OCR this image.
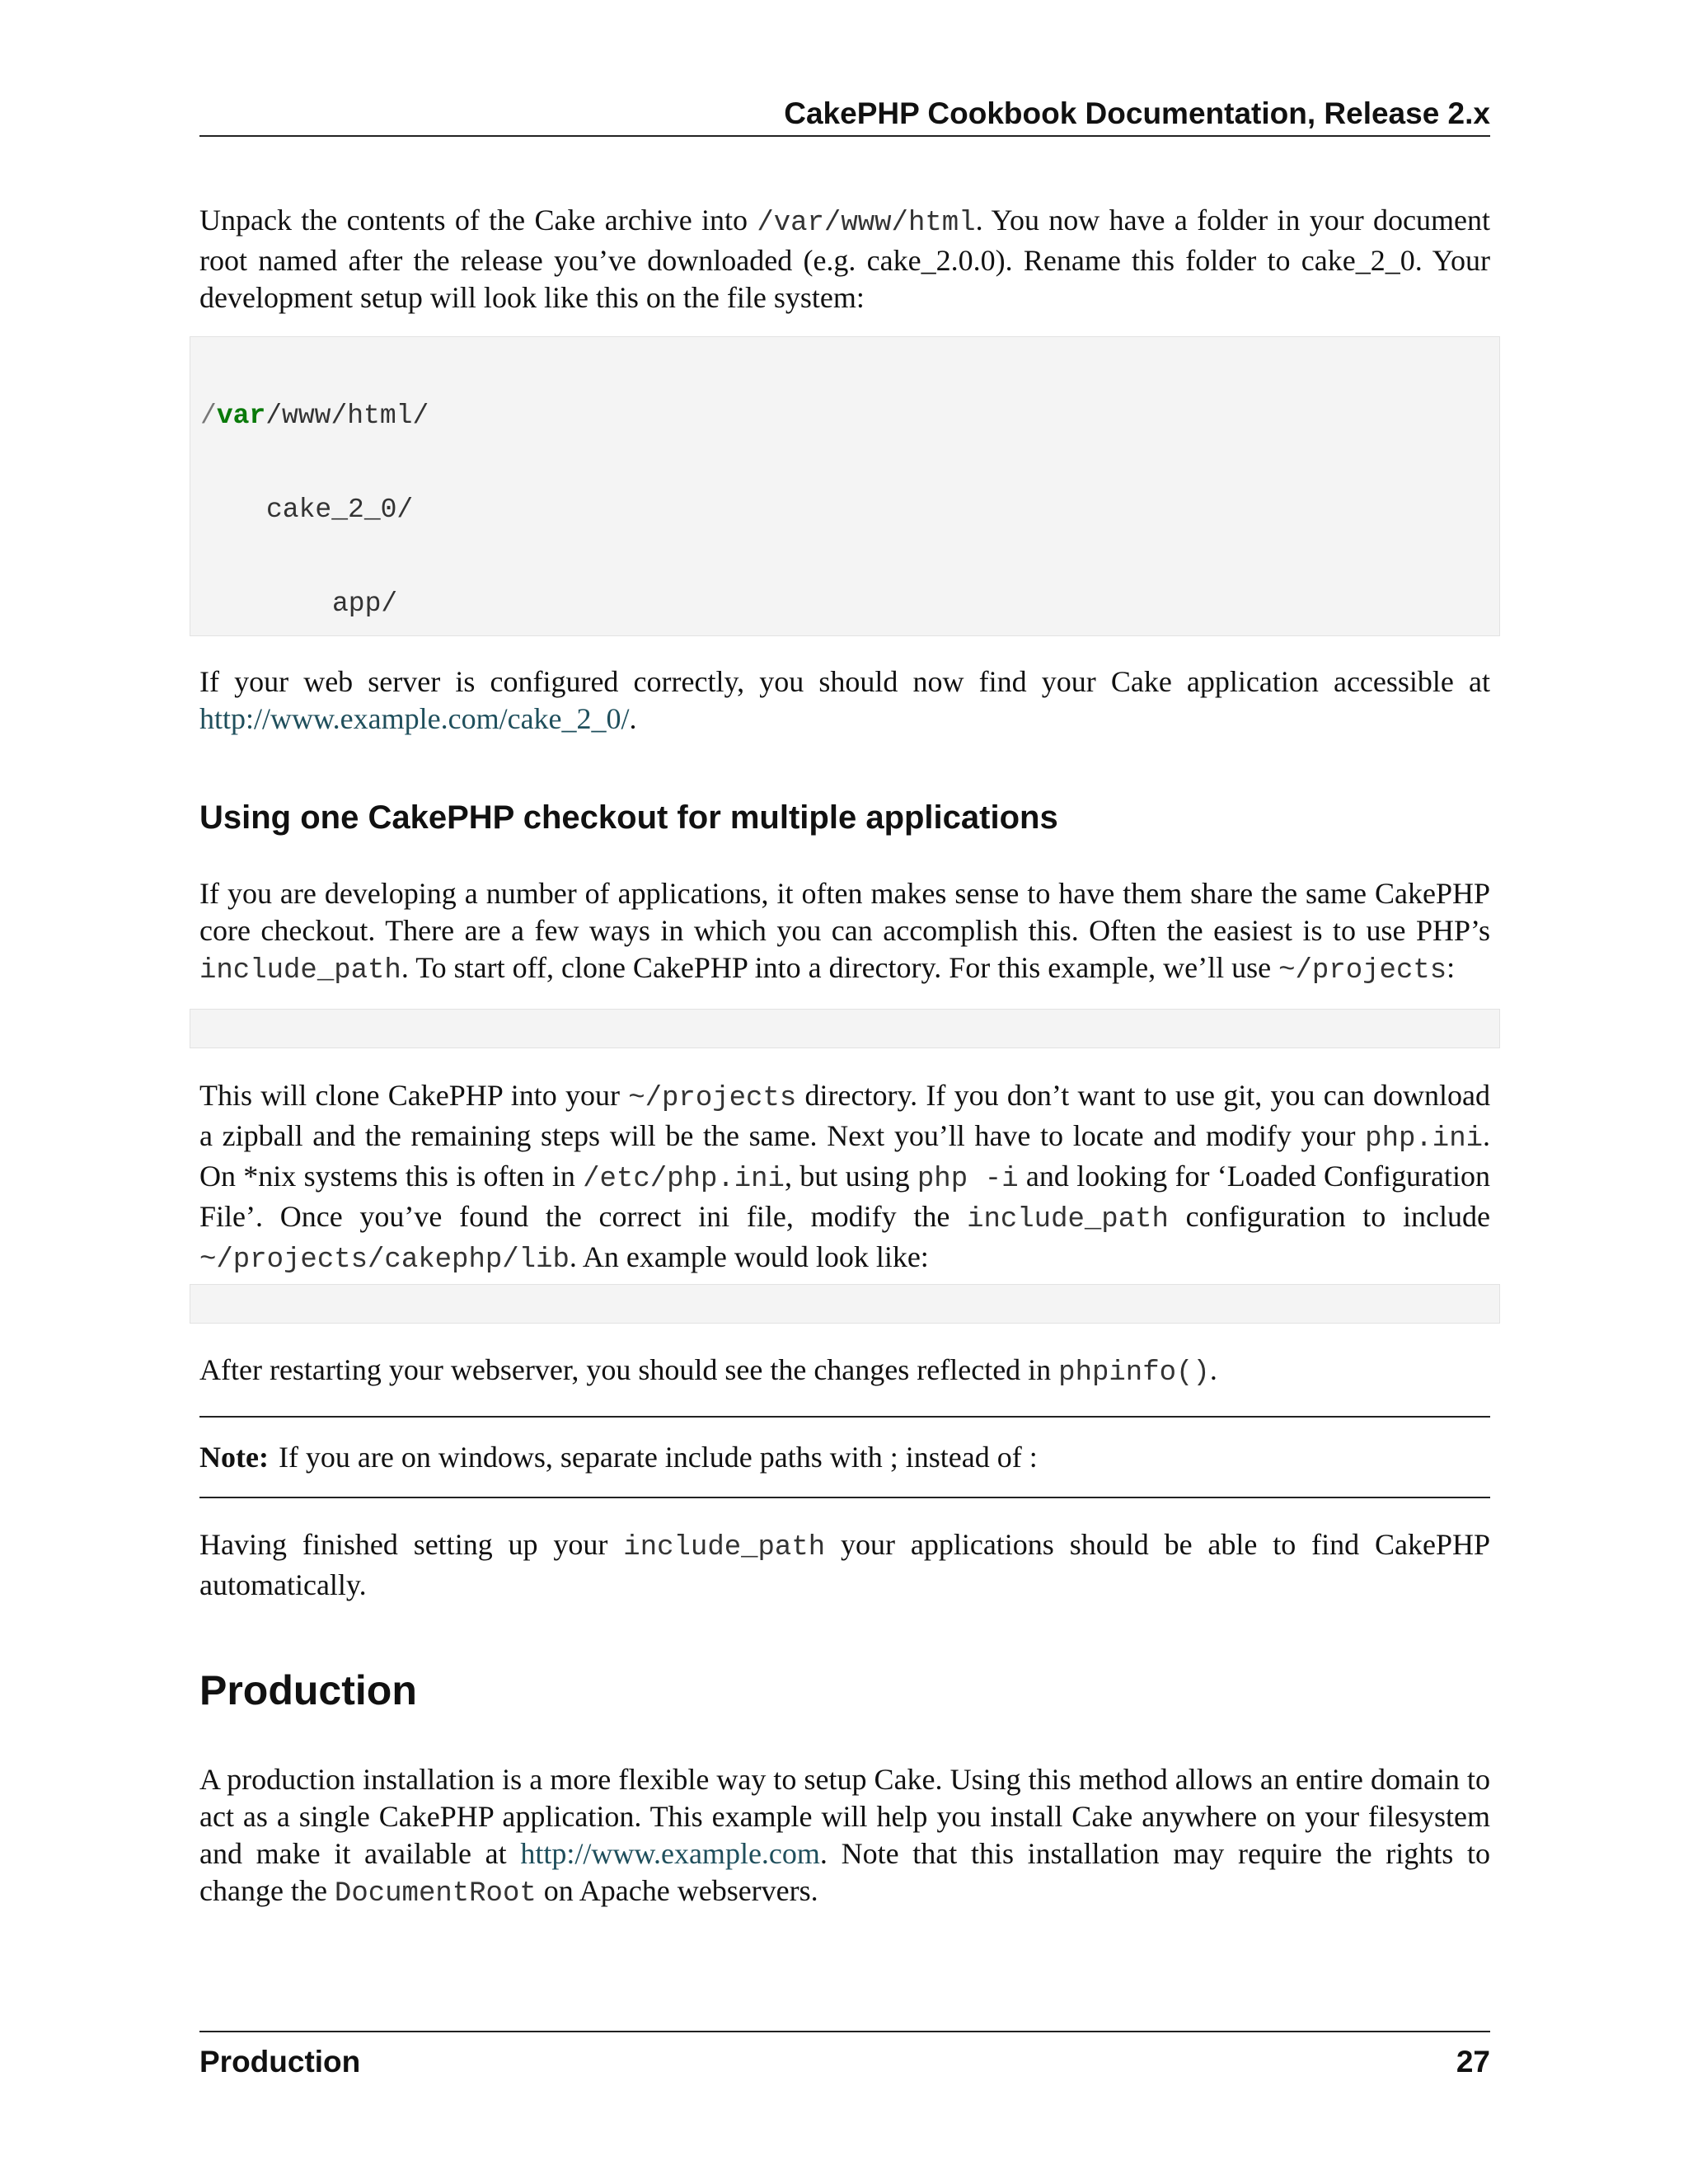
CakePHP Cookbook Documentation, Release 2.x
Unpack the contents of the Cake archive into /var/www/html. You now have a folder in your document root named after the release you’ve downloaded (e.g. cake_2.0.0). Rename this folder to cake_2_0. Your development setup will look like this on the file system:

/var/www/html/

cake_2_0/

app/

If your web server is configured correctly, you should now find your Cake application accessible at http://www.example.com/cake_2_0/.
Using one CakePHP checkout for multiple applications
If you are developing a number of applications, it often makes sense to have them share the same CakePHP core checkout. There are a few ways in which you can accomplish this. Often the easiest is to use PHP’s include_path. To start off, clone CakePHP into a directory. For this example, we’ll use ~/projects:

This will clone CakePHP into your ~/projects directory. If you don’t want to use git, you can download a zipball and the remaining steps will be the same. Next you’ll have to locate and modify your php.ini. On *nix systems this is often in /etc/php.ini, but using php -i and looking for ‘Loaded Configuration File’. Once you’ve found the correct ini file, modify the include_path configuration to include ~/projects/cakephp/lib. An example would look like:

After restarting your webserver, you should see the changes reflected in phpinfo().
Note: If you are on windows, separate include paths with ; instead of :
Having finished setting up your include_path your applications should be able to find CakePHP automatically.
Production
A production installation is a more flexible way to setup Cake. Using this method allows an entire domain to act as a single CakePHP application. This example will help you install Cake anywhere on your filesystem and make it available at http://www.example.com. Note that this installation may require the rights to change the DocumentRoot on Apache webservers.
Production	27
